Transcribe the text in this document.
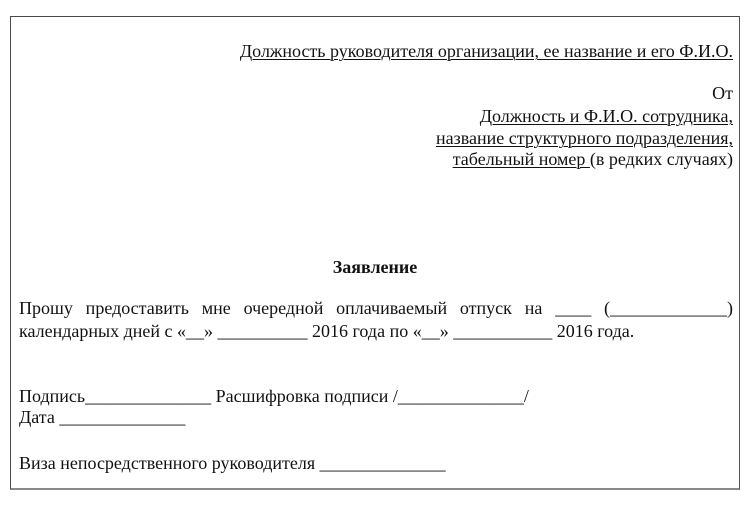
Должность руководителя организации, ее название и его Ф.И.О.
От
Должность и Ф.И.О. сотрудника,
название структурного подразделения,
табельный номер (в редких случаях)
Заявление
Прошу предоставить мне очередной оплачиваемый отпуск на ____ (_____________)
календарных дней с «__» __________ 2016 года по «__» ___________ 2016 года.
Подпись______________ Расшифровка подписи /______________/
Дата ______________
Виза непосредственного руководителя ______________
